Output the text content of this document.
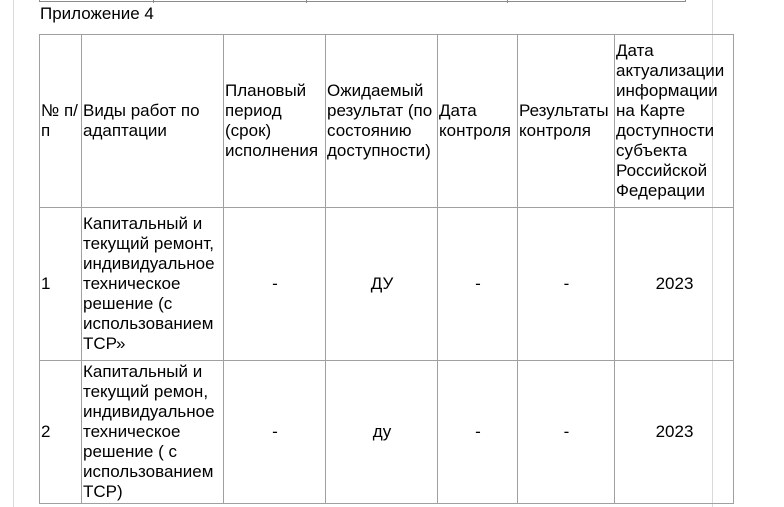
Приложение 4
№ п/п	Виды работ по адаптации	Плановый период (срок) исполнения	Ожидаемый результат (по состоянию доступности)	Дата контроля	Результаты контроля	Дата актуализации информации на Карте доступности субъекта Российской Федерации
1	Капитальный и текущий ремонт, индивидуальное техническое решение (с использованием ТСР»	-	ДУ	-	-	2023
2	Капитальный и текущий ремон, индивидуальное техническое решение ( с использованием ТСР)	-	ду	-	-	2023
